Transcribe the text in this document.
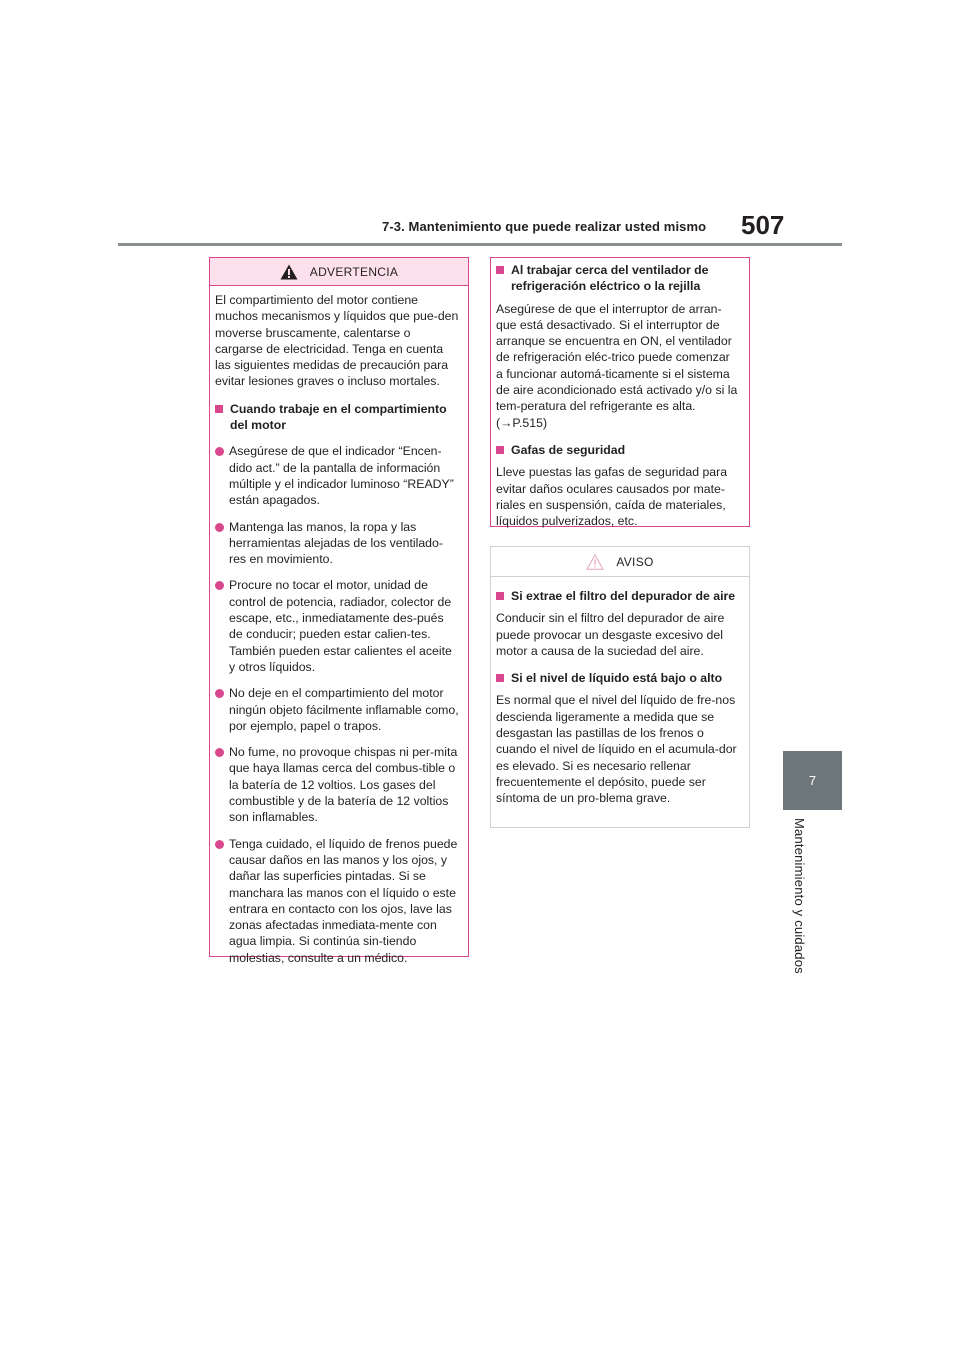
7-3. Mantenimiento que puede realizar usted mismo 507
7
Mantenimiento y cuidados
ADVERTENCIA

El compartimiento del motor contiene muchos mecanismos y líquidos que pue-den moverse bruscamente, calentarse o cargarse de electricidad. Tenga en cuenta las siguientes medidas de precaución para evitar lesiones graves o incluso mortales.

Cuando trabaje en el compartimiento del motor
Asegúrese de que el indicador “Encen-dido act.” de la pantalla de información múltiple y el indicador luminoso “READY” están apagados.
Mantenga las manos, la ropa y las herramientas alejadas de los ventilado-res en movimiento.
Procure no tocar el motor, unidad de control de potencia, radiador, colector de escape, etc., inmediatamente des-pués de conducir; pueden estar calien-tes. También pueden estar calientes el aceite y otros líquidos.
No deje en el compartimiento del motor ningún objeto fácilmente inflamable como, por ejemplo, papel o trapos.
No fume, no provoque chispas ni per-mita que haya llamas cerca del combus-tible o la batería de 12 voltios. Los gases del combustible y de la batería de 12 voltios son inflamables.
Tenga cuidado, el líquido de frenos puede causar daños en las manos y los ojos, y dañar las superficies pintadas. Si se manchara las manos con el líquido o este entrara en contacto con los ojos, lave las zonas afectadas inmediata-mente con agua limpia. Si continúa sin-tiendo molestias, consulte a un médico.
Al trabajar cerca del ventilador de refrigeración eléctrico o la rejilla

Asegúrese de que el interruptor de arran-que está desactivado. Si el interruptor de arranque se encuentra en ON, el ventilador de refrigeración eléc-trico puede comenzar a funcionar automá-ticamente si el sistema de aire acondicionado está activado y/o si la tem-peratura del refrigerante es alta. (→P.515)

Gafas de seguridad

Lleve puestas las gafas de seguridad para evitar daños oculares causados por mate-riales en suspensión, caída de materiales, líquidos pulverizados, etc.

AVISO
Si extrae el filtro del depurador de aire

Conducir sin el filtro del depurador de aire puede provocar un desgaste excesivo del motor a causa de la suciedad del aire.

Si el nivel de líquido está bajo o alto

Es normal que el nivel del líquido de fre-nos descienda ligeramente a medida que se desgastan las pastillas de los frenos o cuando el nivel de líquido en el acumula-dor es elevado. Si es necesario rellenar frecuentemente el depósito, puede ser síntoma de un pro-blema grave.
